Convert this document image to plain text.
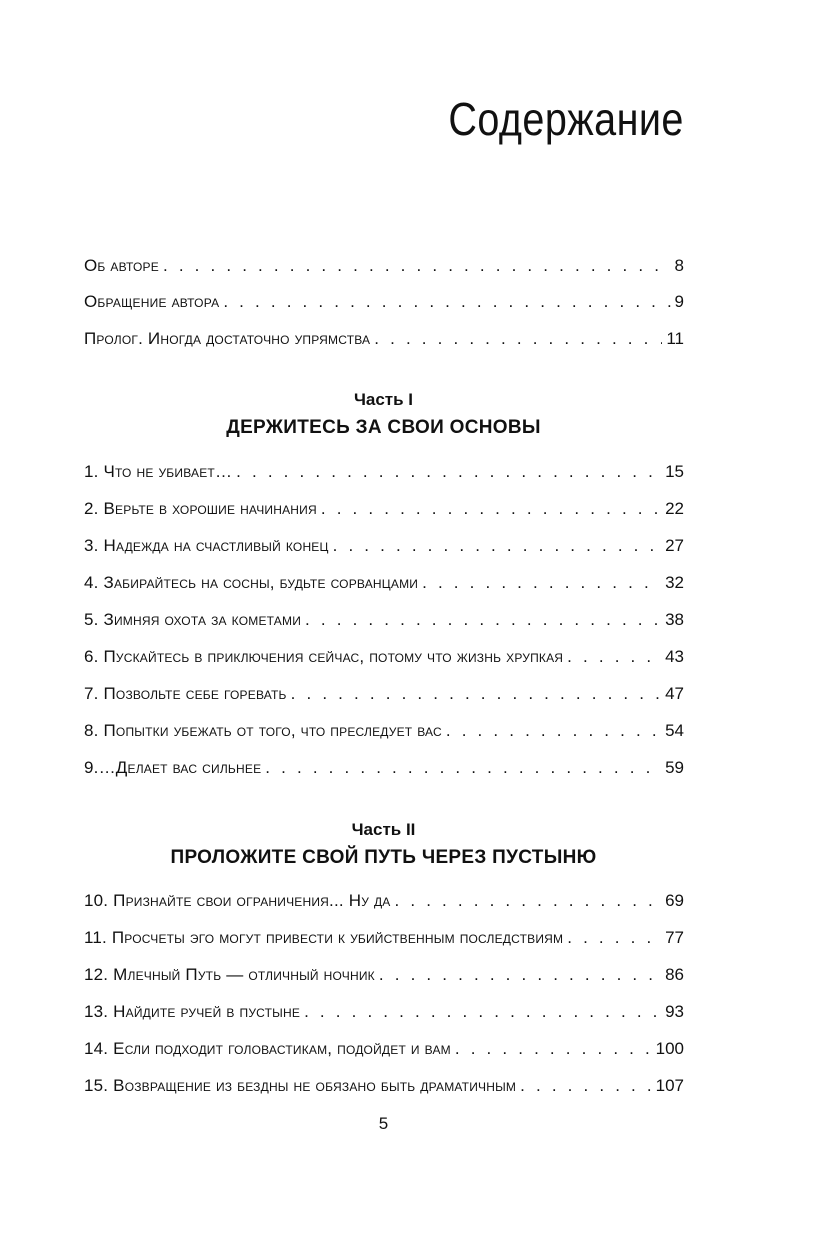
Содержание
Об авторе . . .	8
Обращение автора . . .	9
Пролог. Иногда достаточно упрямства . . .	11
Часть I
ДЕРЖИТЕСЬ ЗА СВОИ ОСНОВЫ
1. Что не убивает… . . .	15
2. Верьте в хорошие начинания . . .	22
3. Надежда на счастливый конец . . .	27
4. Забирайтесь на сосны, будьте сорванцами . . .	32
5. Зимняя охота за кометами . . .	38
6. Пускайтесь в приключения сейчас, потому что жизнь хрупкая . . .	43
7. Позвольте себе горевать . . .	47
8. Попытки убежать от того, что преследует вас . . .	54
9.…Делает вас сильнее . . .	59
Часть II
ПРОЛОЖИТЕ СВОЙ ПУТЬ ЧЕРЕЗ ПУСТЫНЮ
10. Признайте свои ограничения... Ну да . . .	69
11. Просчеты эго могут привести к убийственным последствиям . . .	77
12. Млечный Путь — отличный ночник . . .	86
13. Найдите ручей в пустыне . . .	93
14. Если подходит головастикам, подойдет и вам . . .	100
15. Возвращение из бездны не обязано быть драматичным . . .	107
5
